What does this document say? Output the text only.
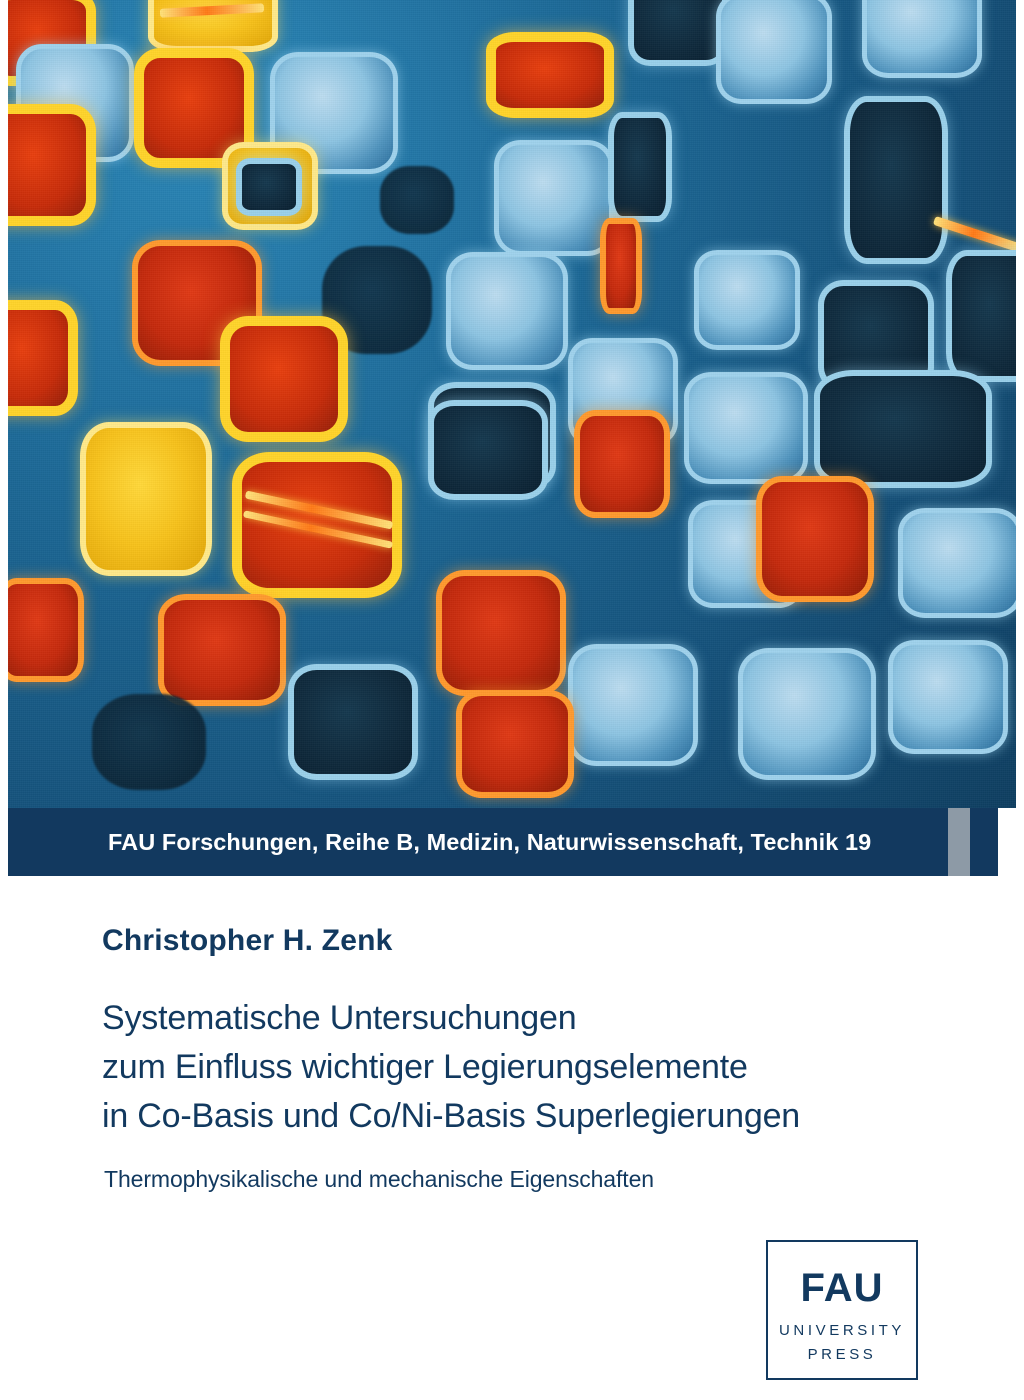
FAU Forschungen, Reihe B, Medizin, Naturwissenschaft, Technik 19
Christopher H. Zenk
Systematische Untersuchungen
zum Einfluss wichtiger Legierungselemente
in Co-Basis und Co/Ni-Basis Superlegierungen
Thermophysikalische und mechanische Eigenschaften
FAU
UNIVERSITY
PRESS
